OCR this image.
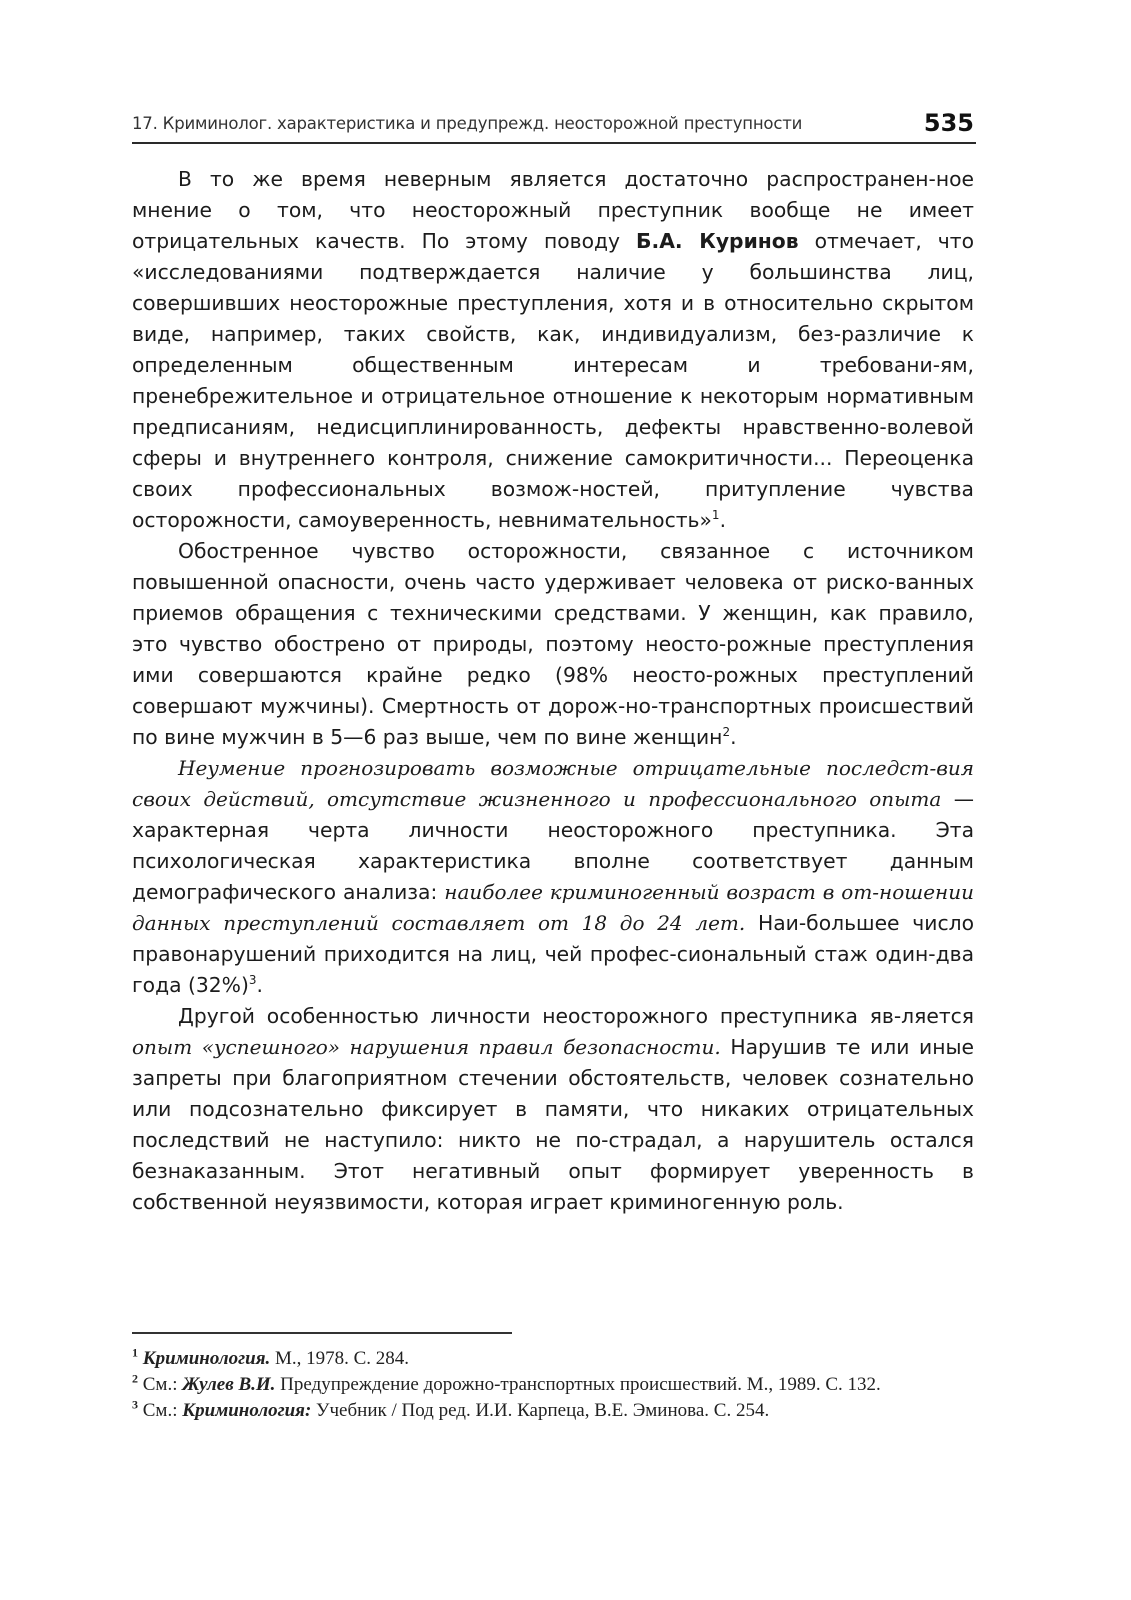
17. Криминолог. характеристика и предупрежд. неосторожной преступности	535

В то же время неверным является достаточно распространен-ное мнение о том, что неосторожный преступник вообще не имеет отрицательных качеств. По этому поводу Б.А. Куринов отмечает, что «исследованиями подтверждается наличие у большинства лиц, совершивших неосторожные преступления, хотя и в относительно скрытом виде, например, таких свойств, как, индивидуализм, без-различие к определенным общественным интересам и требовани-ям, пренебрежительное и отрицательное отношение к некоторым нормативным предписаниям, недисциплинированность, дефекты нравственно-волевой сферы и внутреннего контроля, снижение самокритичности... Переоценка своих профессиональных возмож-ностей, притупление чувства осторожности, самоуверенность, невнимательность»$^1$.

Обостренное чувство осторожности, связанное с источником повышенной опасности, очень часто удерживает человека от риско-ванных приемов обращения с техническими средствами. У женщин, как правило, это чувство обострено от природы, поэтому неосто-рожные преступления ими совершаются крайне редко (98% неосто-рожных преступлений совершают мужчины). Смертность от дорож-но-транспортных происшествий по вине мужчин в 5—6 раз выше, чем по вине женщин$^2$.

Неумение прогнозировать возможные отрицательные последст-вия своих действий, отсутствие жизненного и профессионального опыта — характерная черта личности неосторожного преступника. Эта психологическая характеристика вполне соответствует данным демографического анализа: наиболее криминогенный возраст в от-ношении данных преступлений составляет от 18 до 24 лет. Наи-большее число правонарушений приходится на лиц, чей профес-сиональный стаж один-два года $(32\%)^3$.

Другой особенностью личности неосторожного преступника яв-ляется опыт «успешного» нарушения правил безопасности. Нарушив те или иные запреты при благоприятном стечении обстоятельств, человек сознательно или подсознательно фиксирует в памяти, что никаких отрицательных последствий не наступило: никто не по-страдал, а нарушитель остался безнаказанным. Этот негативный опыт формирует уверенность в собственной неуязвимости, которая играет криминогенную роль.

$^1$ Криминология. М., 1978. С. 284.

$^2$ См.: Жулев В.И. Предупреждение дорожно-транспортных происшествий. М., 1989. С. 132.

$^3$ См.: Криминология: Учебник / Под ред. И.И. Карпеца, В.Е. Эминова. С. 254.
